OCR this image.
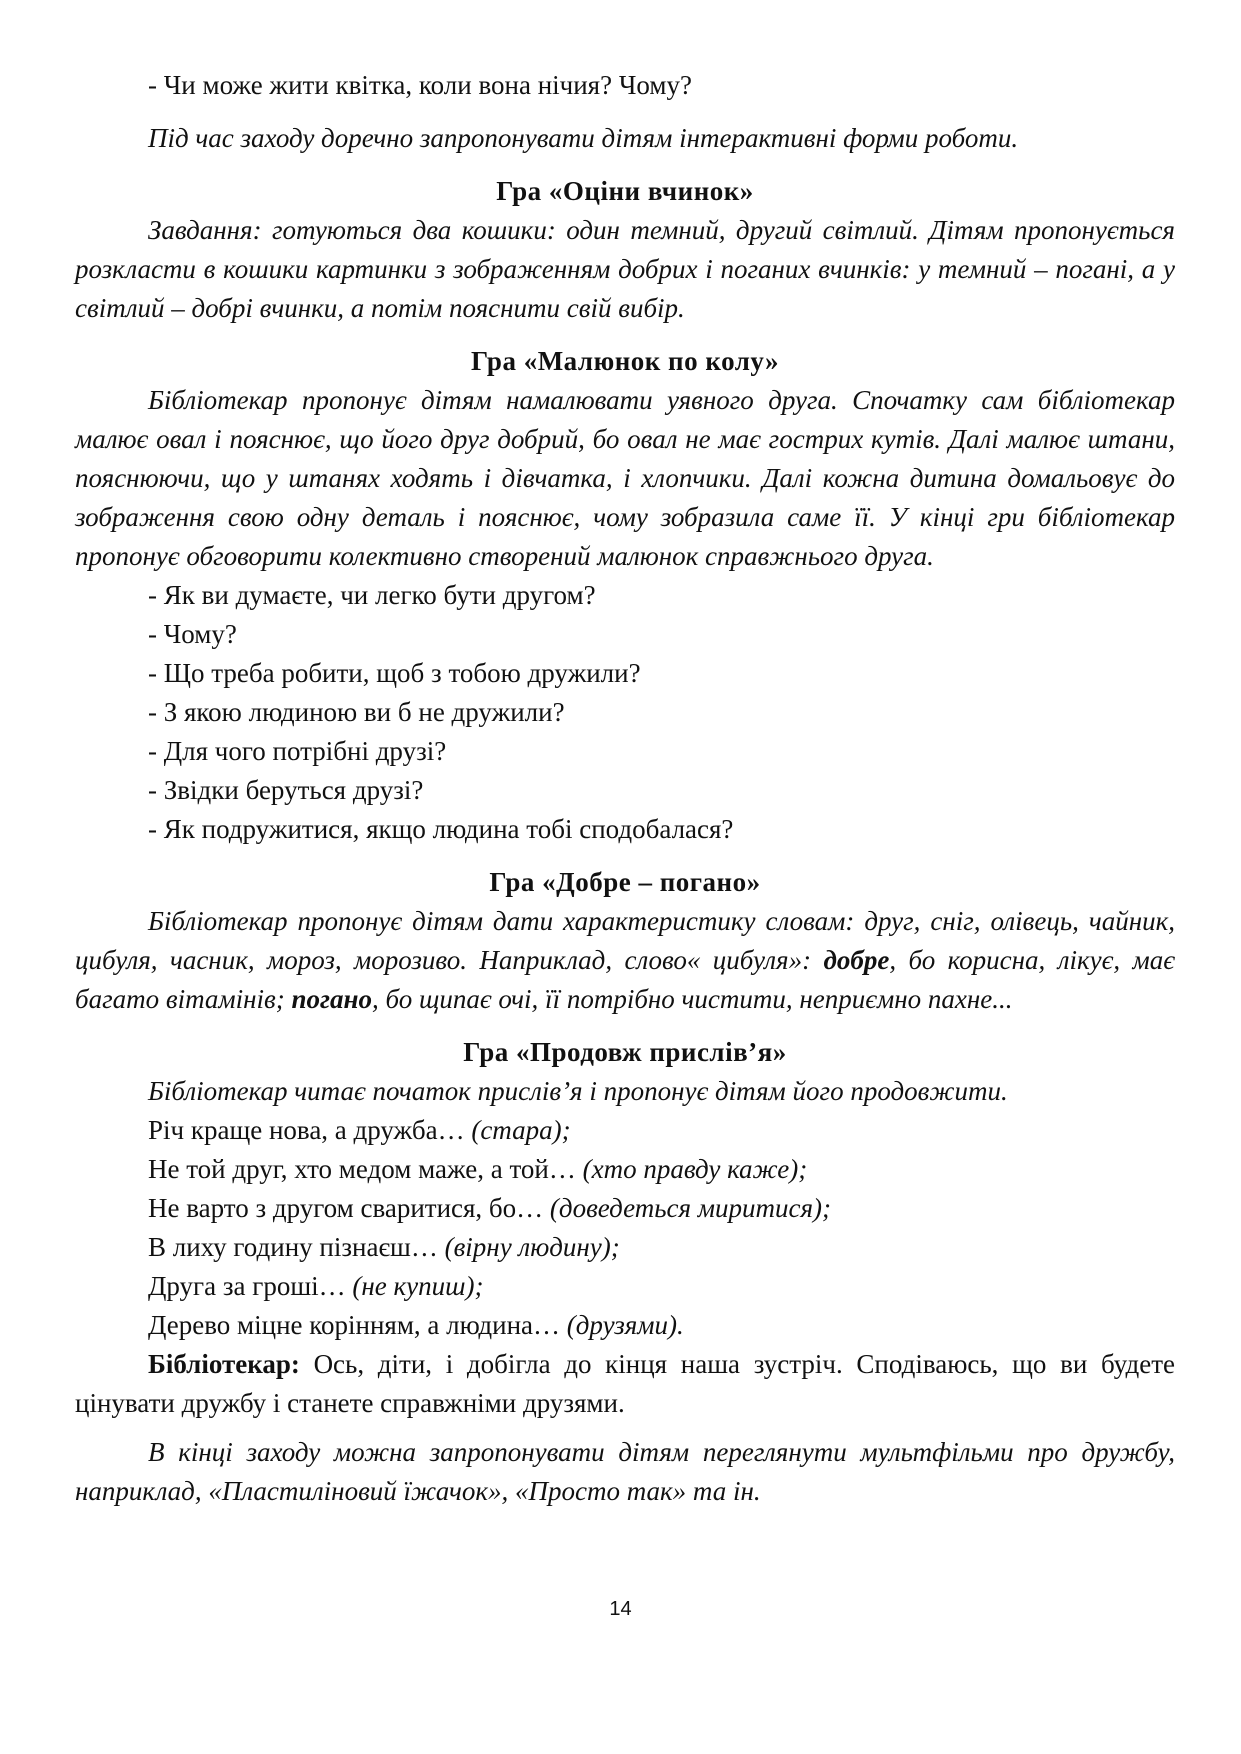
- Чи може жити квітка, коли вона нічия? Чому?

Під час заходу доречно запропонувати дітям інтерактивні форми роботи.

Гра «Оціни вчинок»

Завдання: готуються два кошики: один темний, другий світлий. Дітям пропонується розкласти в кошики картинки з зображенням добрих і поганих вчинків: у темний – погані, а у світлий – добрі вчинки, а потім пояснити свій вибір.

Гра «Малюнок по колу»

Бібліотекар пропонує дітям намалювати уявного друга. Спочатку сам бібліотекар малює овал і пояснює, що його друг добрий, бо овал не має гострих кутів. Далі малює штани, пояснюючи, що у штанях ходять і дівчатка, і хлопчики. Далі кожна дитина домальовує до зображення свою одну деталь і пояснює, чому зобразила саме її. У кінці гри бібліотекар пропонує обговорити колективно створений малюнок справжнього друга.

- Як ви думаєте, чи легко бути другом?

- Чому?

- Що треба робити, щоб з тобою дружили?

- З якою людиною ви б не дружили?

- Для чого потрібні друзі?

- Звідки беруться друзі?

- Як подружитися, якщо людина тобі сподобалася?

Гра «Добре – погано»

Бібліотекар пропонує дітям дати характеристику словам: друг, сніг, олівець, чайник, цибуля, часник, мороз, морозиво. Наприклад, слово« цибуля»: добре, бо корисна, лікує, має багато вітамінів; погано, бо щипає очі, її потрібно чистити, неприємно пахне...

Гра «Продовж прислів’я»

Бібліотекар читає початок прислів’я і пропонує дітям його продовжити.

Річ краще нова, а дружба… (стара);

Не той друг, хто медом маже, а той… (хто правду каже);

Не варто з другом сваритися, бо… (доведеться миритися);

В лиху годину пізнаєш… (вірну людину);

Друга за гроші… (не купиш);

Дерево міцне корінням, а людина… (друзями).

Бібліотекар: Ось, діти, і добігла до кінця наша зустріч. Сподіваюсь, що ви будете цінувати дружбу і станете справжніми друзями.

В кінці заходу можна запропонувати дітям переглянути мультфільми про дружбу, наприклад, «Пластиліновий їжачок», «Просто так» та ін.

14
